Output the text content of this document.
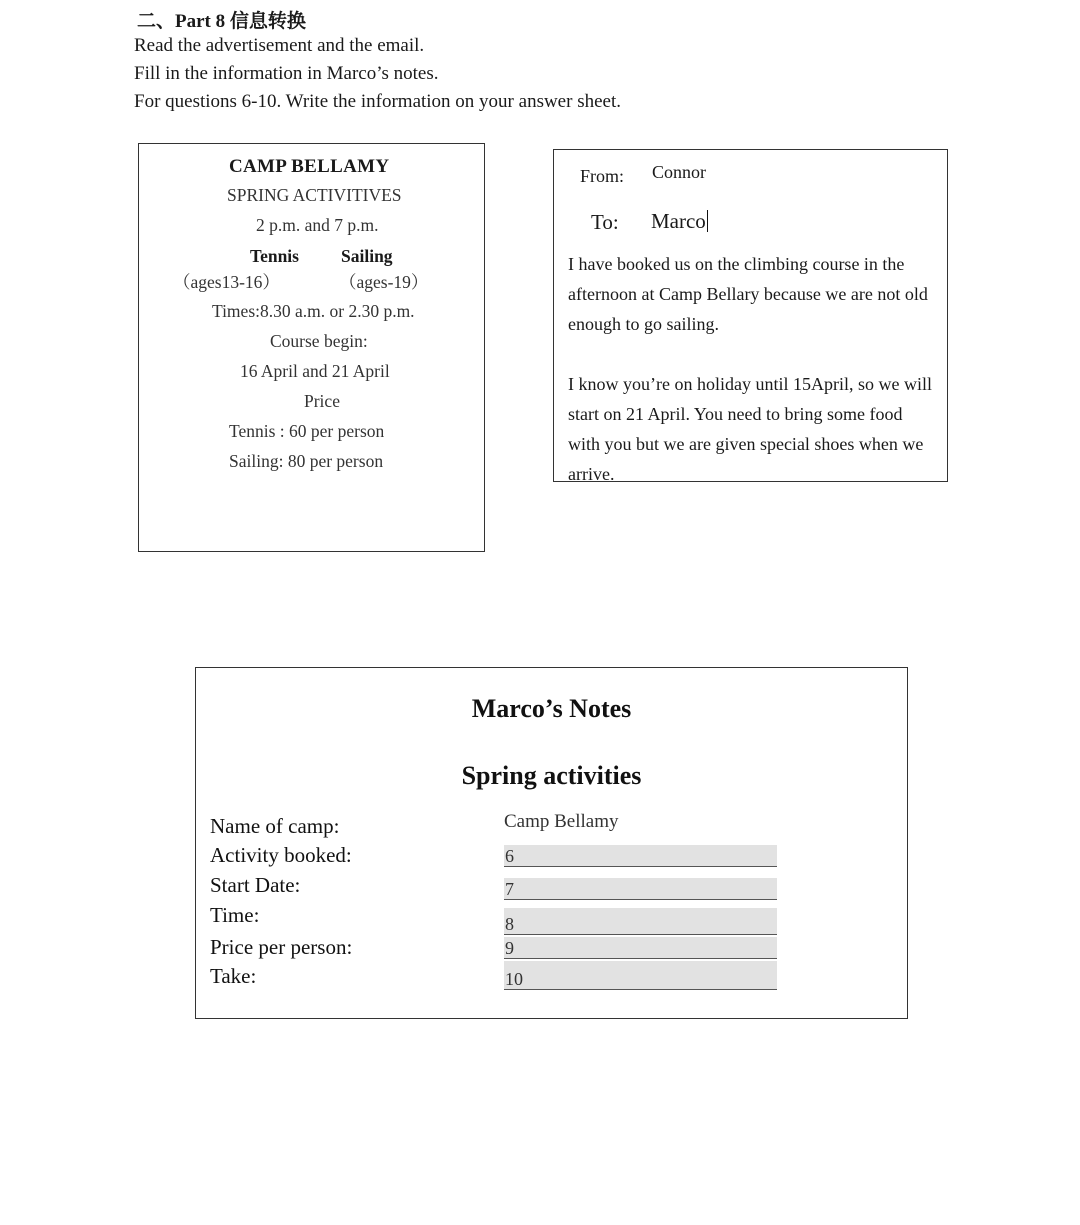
二、Part 8 信息转换
Read the advertisement and the email.
Fill in the information in Marco’s notes.
For questions 6-10. Write the information on your answer sheet.
CAMP BELLAMY
SPRING ACTIVITIVES
2 p.m. and 7 p.m.
Tennis Sailing
（ages13-16）	（ages-19）
Times:8.30 a.m. or 2.30 p.m.
Course begin:
16 April and 21 April
Price
Tennis : 60 per person
Sailing: 80 per person
From: Connor
To: Marco

I have booked us on the climbing course in the afternoon at Camp Bellary because we are not old enough to go sailing.

I know you’re on holiday until 15April, so we will start on 21 April. You need to bring some food with you but we are given special shoes when we arrive.

Marco’s Notes
Spring activities
Name of camp:
Activity booked:
Start Date:
Time:
Price per person:
Take:
Camp Bellamy
6
7
8
9
10
